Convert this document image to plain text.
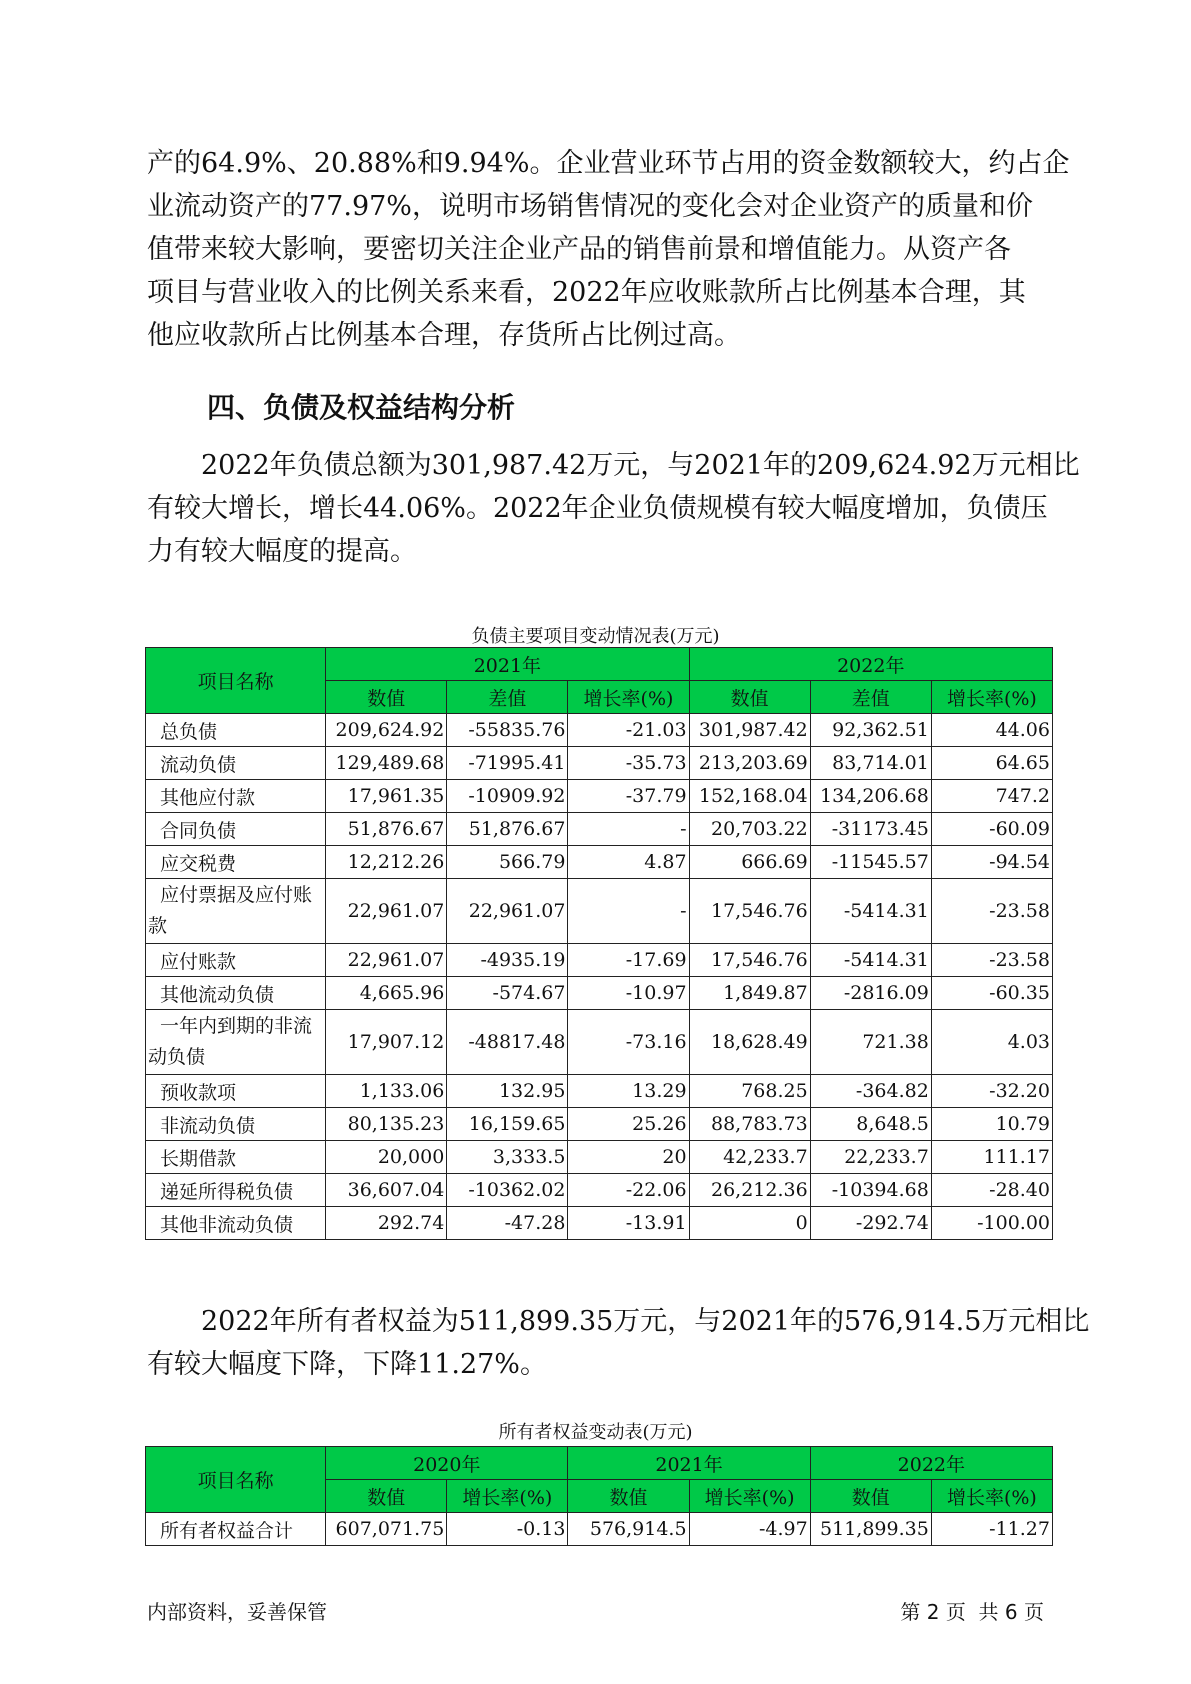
产的64.9%、20.88%和9.94%。企业营业环节占用的资金数额较大，约占企
业流动资产的77.97%，说明市场销售情况的变化会对企业资产的质量和价
值带来较大影响，要密切关注企业产品的销售前景和增值能力。从资产各
项目与营业收入的比例关系来看，2022年应收账款所占比例基本合理，其
他应收款所占比例基本合理，存货所占比例过高。
四、负债及权益结构分析
2022年负债总额为301,987.42万元，与2021年的209,624.92万元相比
有较大增长，增长44.06%。2022年企业负债规模有较大幅度增加，负债压
力有较大幅度的提高。
负债主要项目变动情况表(万元)
项目名称	2021年			2022年		
	数值	差值	增长率(%)	数值	差值	增长率(%)

总负债	209,624.92	-55835.76	-21.03	301,987.42	92,362.51	44.06

流动负债	129,489.68	-71995.41	-35.73	213,203.69	83,714.01	64.65

其他应付款	17,961.35	-10909.92	-37.79	152,168.04	134,206.68	747.2

合同负债	51,876.67	51,876.67	-	20,703.22	-31173.45	-60.09

应交税费	12,212.26	566.79	4.87	666.69	-11545.57	-94.54

应付票据及应付账
款	22,961.07	22,961.07	-	17,546.76	-5414.31	-23.58

应付账款	22,961.07	-4935.19	-17.69	17,546.76	-5414.31	-23.58

其他流动负债	4,665.96	-574.67	-10.97	1,849.87	-2816.09	-60.35

一年内到期的非流
动负债	17,907.12	-48817.48	-73.16	18,628.49	721.38	4.03

预收款项	1,133.06	132.95	13.29	768.25	-364.82	-32.20

非流动负债	80,135.23	16,159.65	25.26	88,783.73	8,648.5	10.79

长期借款	20,000	3,333.5	20	42,233.7	22,233.7	111.17

递延所得税负债	36,607.04	-10362.02	-22.06	26,212.36	-10394.68	-28.40

其他非流动负债	292.74	-47.28	-13.91	0	-292.74	-100.00
2022年所有者权益为511,899.35万元，与2021年的576,914.5万元相比
有较大幅度下降，下降11.27%。
所有者权益变动表(万元)
项目名称	2020年		2021年		2022年	
	数值	增长率(%)	数值	增长率(%)	数值	增长率(%)
所有者权益合计	607,071.75	-0.13	576,914.5	-4.97	511,899.35	-11.27
内部资料，妥善保管	第 2 页  共 6 页
